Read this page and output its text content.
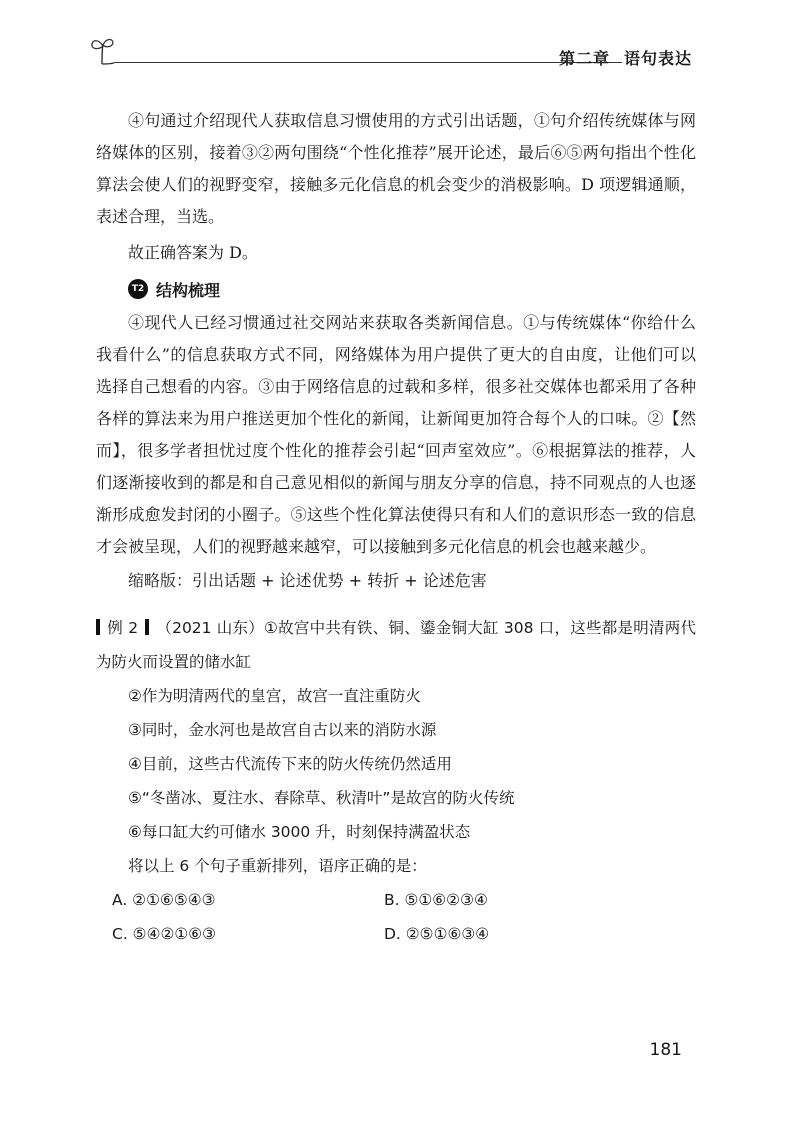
第二章 语句表达

④句通过介绍现代人获取信息习惯使用的方式引出话题，①句介绍传统媒体与网络媒体的区别，接着③②两句围绕“个性化推荐”展开论述，最后⑥⑤两句指出个性化算法会使人们的视野变窄，接触多元化信息的机会变少的消极影响。D 项逻辑通顺，表述合理，当选。

故正确答案为 D。

T2 结构梳理

④现代人已经习惯通过社交网站来获取各类新闻信息。①与传统媒体“你给什么我看什么”的信息获取方式不同，网络媒体为用户提供了更大的自由度，让他们可以选择自己想看的内容。③由于网络信息的过载和多样，很多社交媒体也都采用了各种各样的算法来为用户推送更加个性化的新闻，让新闻更加符合每个人的口味。②【然而】，很多学者担忧过度个性化的推荐会引起“回声室效应”。⑥根据算法的推荐，人们逐渐接收到的都是和自己意见相似的新闻与朋友分享的信息，持不同观点的人也逐渐形成愈发封闭的小圈子。⑤这些个性化算法使得只有和人们的意识形态一致的信息才会被呈现，人们的视野越来越窄，可以接触到多元化信息的机会也越来越少。

缩略版：引出话题 + 论述优势 + 转折 + 论述危害

例 2 （2021 山东）①故宫中共有铁、铜、鎏金铜大缸 308 口，这些都是明清两代为防火而设置的储水缸

②作为明清两代的皇宫，故宫一直注重防火

③同时，金水河也是故宫自古以来的消防水源

④目前，这些古代流传下来的防火传统仍然适用

⑤“冬凿冰、夏注水、春除草、秋清叶”是故宫的防火传统

⑥每口缸大约可储水 3000 升，时刻保持满盈状态

将以上 6 个句子重新排列，语序正确的是：

A. ②①⑥⑤④③	B. ⑤①⑥②③④
C. ⑤④②①⑥③	D. ②⑤①⑥③④
181
